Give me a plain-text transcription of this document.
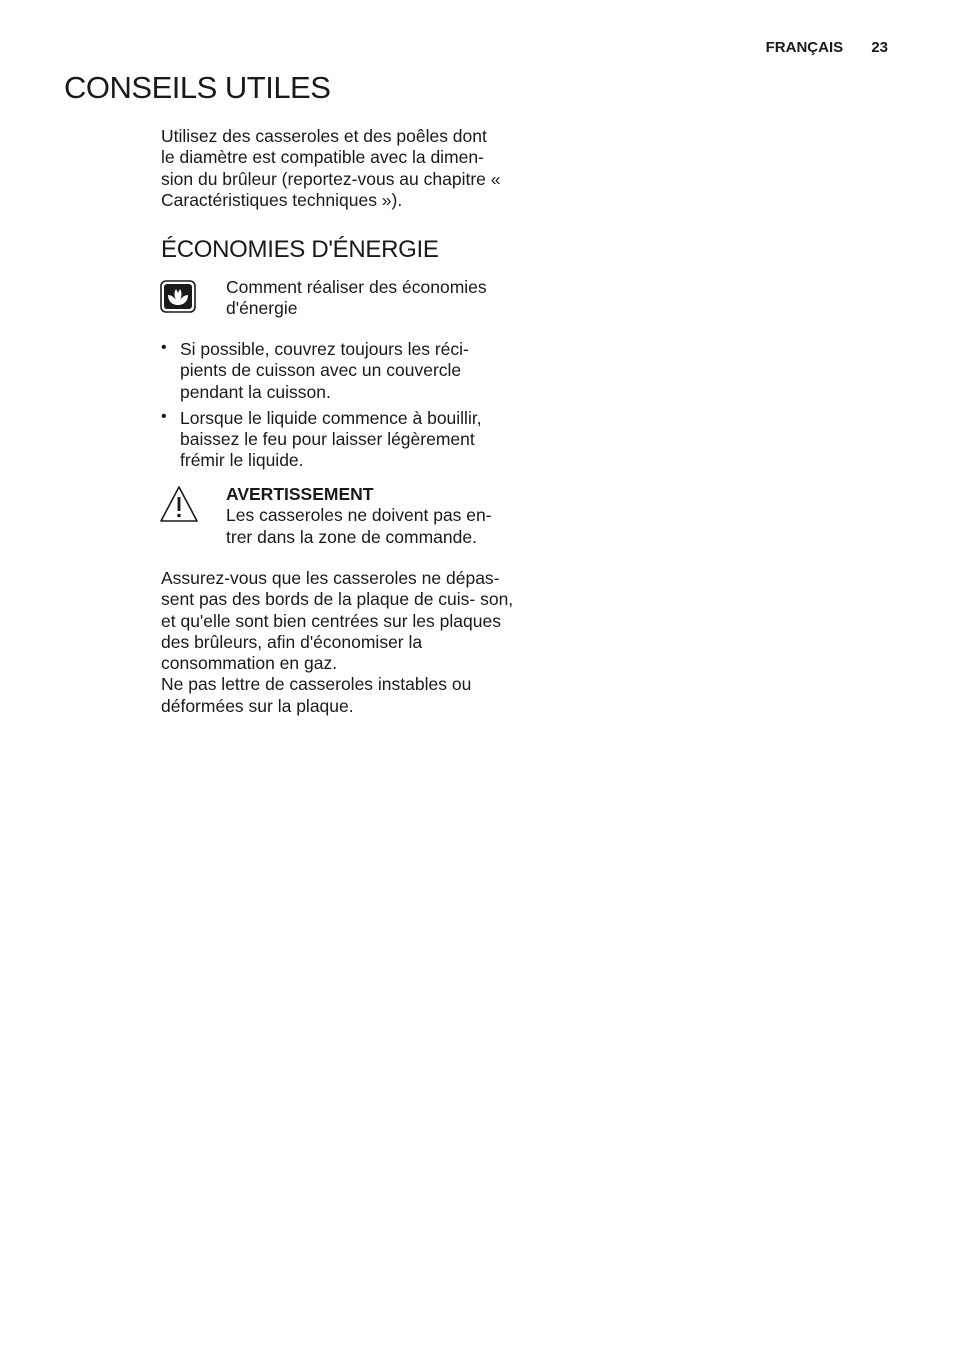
FRANÇAIS 23
CONSEILS UTILES

Utilisez des casseroles et des poêles dont le diamètre est compatible avec la dimen- sion du brûleur (reportez-vous au chapitre « Caractéristiques techniques »).

ÉCONOMIES D'ÉNERGIE

Comment réaliser des économies d'énergie

• Si possible, couvrez toujours les réci- pients de cuisson avec un couvercle pendant la cuisson.

• Lorsque le liquide commence à bouillir, baissez le feu pour laisser légèrement frémir le liquide.

AVERTISSEMENT

Les casseroles ne doivent pas en- trer dans la zone de commande.

Assurez-vous que les casseroles ne dépas- sent pas des bords de la plaque de cuis- son, et qu'elle sont bien centrées sur les plaques des brûleurs, afin d'économiser la consommation en gaz.

Ne pas lettre de casseroles instables ou déformées sur la plaque.
